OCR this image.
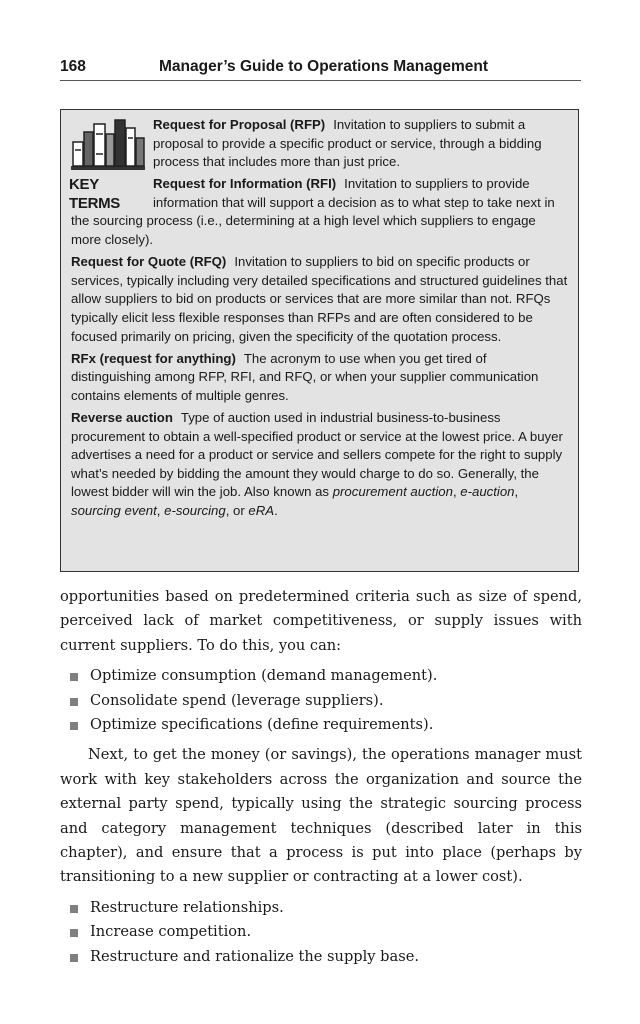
168	Manager’s Guide to Operations Management
KEY TERMS
Request for Proposal (RFP) Invitation to suppliers to submit a proposal to provide a specific product or service, through a bidding process that includes more than just price.
Request for Information (RFI) Invitation to suppliers to provide information that will support a decision as to what step to take next in the sourcing process (i.e., determining at a high level which suppliers to engage more closely).
Request for Quote (RFQ) Invitation to suppliers to bid on specific products or services, typically including very detailed specifications and structured guidelines that allow suppliers to bid on products or services that are more similar than not. RFQs typically elicit less flexible responses than RFPs and are often considered to be focused primarily on pricing, given the specificity of the quotation process.
RFx (request for anything) The acronym to use when you get tired of distinguishing among RFP, RFI, and RFQ, or when your supplier communication contains elements of multiple genres.
Reverse auction Type of auction used in industrial business-to-business procurement to obtain a well-specified product or service at the lowest price. A buyer advertises a need for a product or service and sellers compete for the right to supply what’s needed by bidding the amount they would charge to do so. Generally, the lowest bidder will win the job. Also known as procurement auction, e-auction, sourcing event, e-sourcing, or eRA.

opportunities based on predetermined criteria such as size of spend, perceived lack of market competitiveness, or supply issues with current suppliers. To do this, you can:

Optimize consumption (demand management).
Consolidate spend (leverage suppliers).
Optimize specifications (define requirements).

Next, to get the money (or savings), the operations manager must work with key stakeholders across the organization and source the external party spend, typically using the strategic sourcing process and category management techniques (described later in this chapter), and ensure that a process is put into place (perhaps by transitioning to a new supplier or contracting at a lower cost).

Restructure relationships.
Increase competition.
Restructure and rationalize the supply base.
